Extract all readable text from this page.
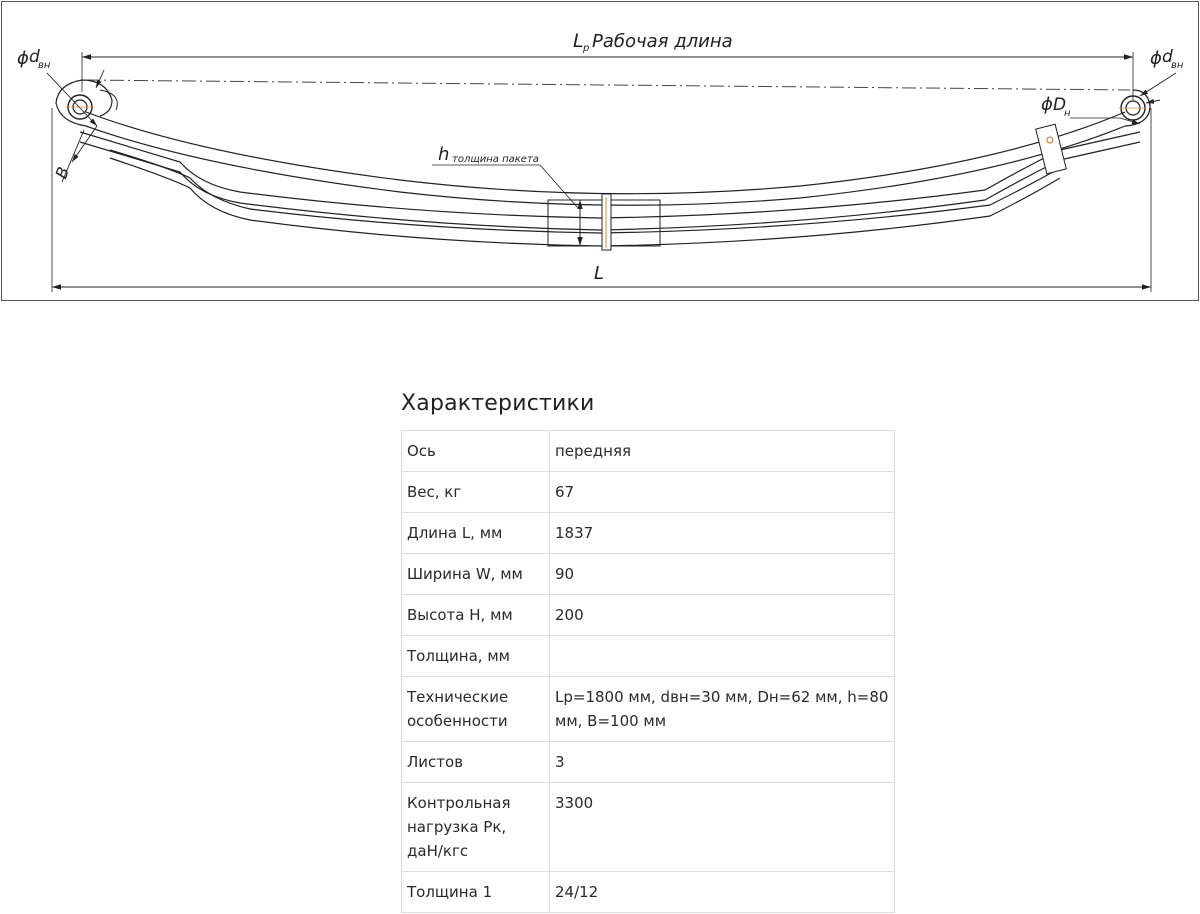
L р Рабочая длина
L
h толщина пакета
ϕ d
вн	ϕ d
вн
ϕ D
н
B
Характеристики
Ось	передняя
Вес, кг	67
Длина L, мм	1837
Ширина W, мм	90
Высота H, мм	200
Толщина, мм	
Технические особенности	Lp=1800 мм, dвн=30 мм, Dн=62 мм, h=80 мм, B=100 мм
Листов	3
Контрольная нагрузка Рк, даН/кгс	3300
Толщина 1	24/12
